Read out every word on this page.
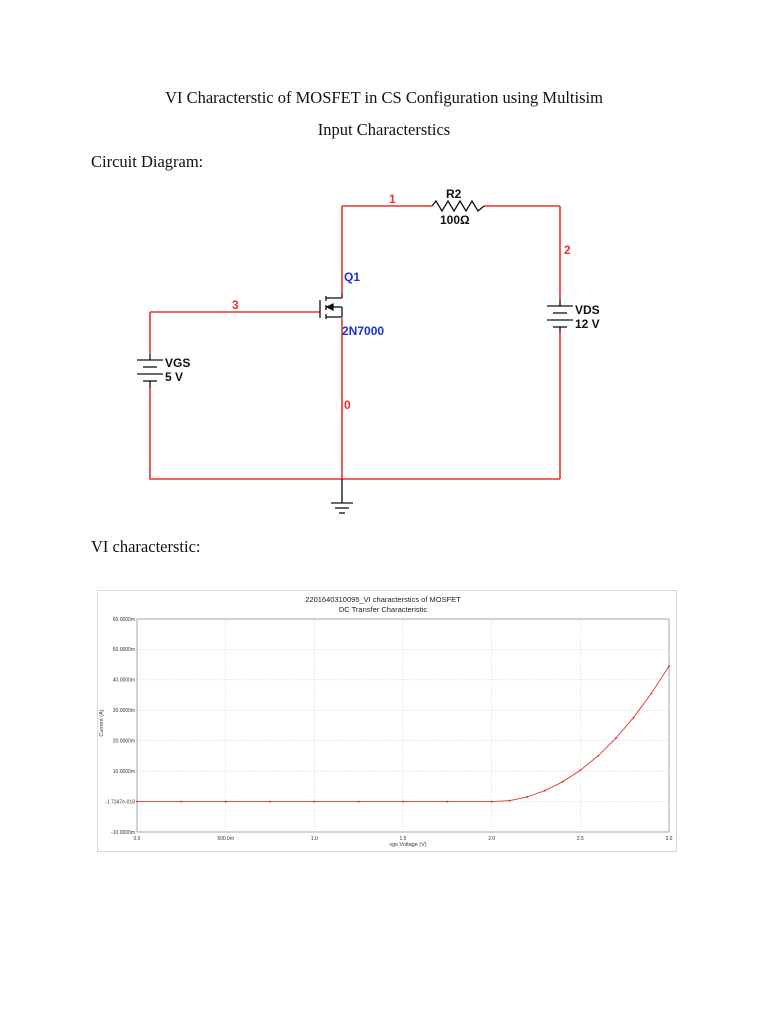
VI Characterstic of MOSFET in CS Configuration using Multisim
Input Characterstics
Circuit Diagram:
VI characterstic:
R2
100Ω
1
2
3
0
Q1
2N7000
VDS
12 V
VGS
5 V
2201640310095_VI characterstics of MOSFET
DC Transfer Characteristic
Current (A)
vgs Voltage (V)
0.0	500.0m	1.0	1.5	2.0	2.5	3.0
60.0000m
50.0000m
40.0000m
30.0000m
20.0000m
10.0000m
-1.7347e-018
-10.0000m
